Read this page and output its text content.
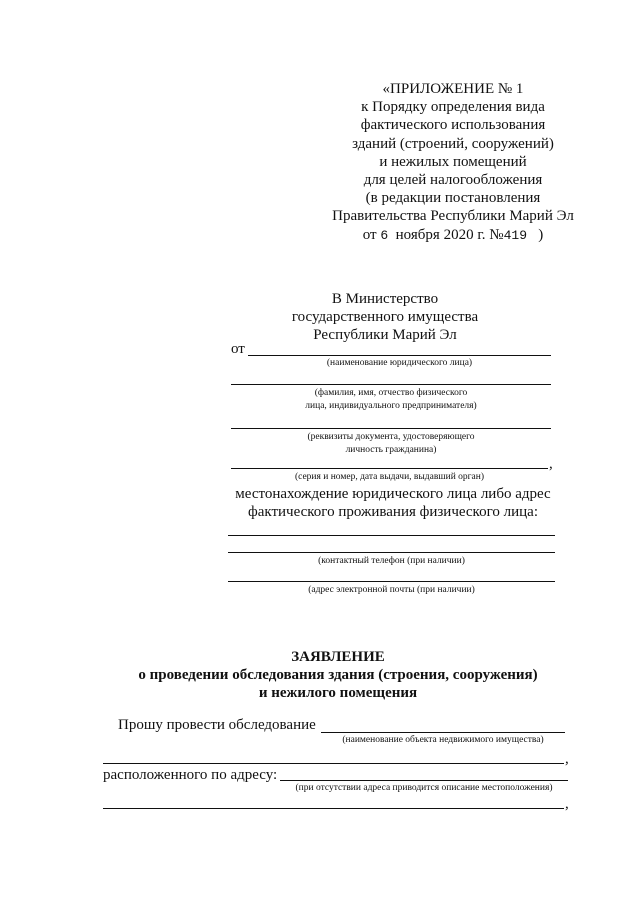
«ПРИЛОЖЕНИЕ № 1
к Порядку определения вида
фактического использования
зданий (строений, сооружений)
и нежилых помещений
для целей налогообложения
(в редакции постановления
Правительства Республики Марий Эл
от 6 ноября 2020 г. №419 )
В Министерство
государственного имущества
Республики Марий Эл
от
(наименование юридического лица)
(фамилия, имя, отчество физического
лица, индивидуального предпринимателя)
(реквизиты документа, удостоверяющего
личность гражданина)
,
(серия и номер, дата выдачи, выдавший орган)
местонахождение юридического лица либо адрес
фактического проживания физического лица:
(контактный телефон (при наличии)
(адрес электронной почты (при наличии)
ЗАЯВЛЕНИЕ
о проведении обследования здания (строения, сооружения)
и нежилого помещения
Прошу провести обследование
(наименование объекта недвижимого имущества)
,
расположенного по адресу:
(при отсутствии адреса приводится описание местоположения)
,
